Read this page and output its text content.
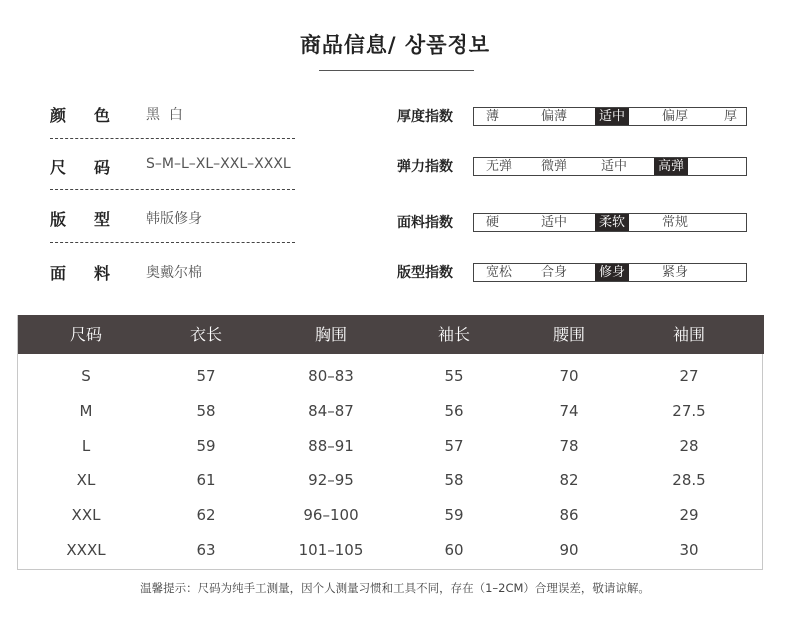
商品信息/ 상품정보
颜 色	黑  白
尺 码	S–M–L–XL–XXL–XXXL
版 型	韩版修身
面 料	奥戴尔棉
厚度指数	薄	偏薄	适中	偏厚	厚
弹力指数	无弹	微弹	适中	高弹
面料指数	硬	适中	柔软	常规
版型指数	宽松	合身	修身	紧身
尺码	衣长	胸围	袖长	腰围	袖围
S	57	80–83	55	70	27
M	58	84–87	56	74	27.5
L	59	88–91	57	78	28
XL	61	92–95	58	82	28.5
XXL	62	96–100	59	86	29
XXXL	63	101–105	60	90	30
温馨提示：尺码为纯手工测量，因个人测量习惯和工具不同，存在（1–2CM）合理误差，敬请谅解。
